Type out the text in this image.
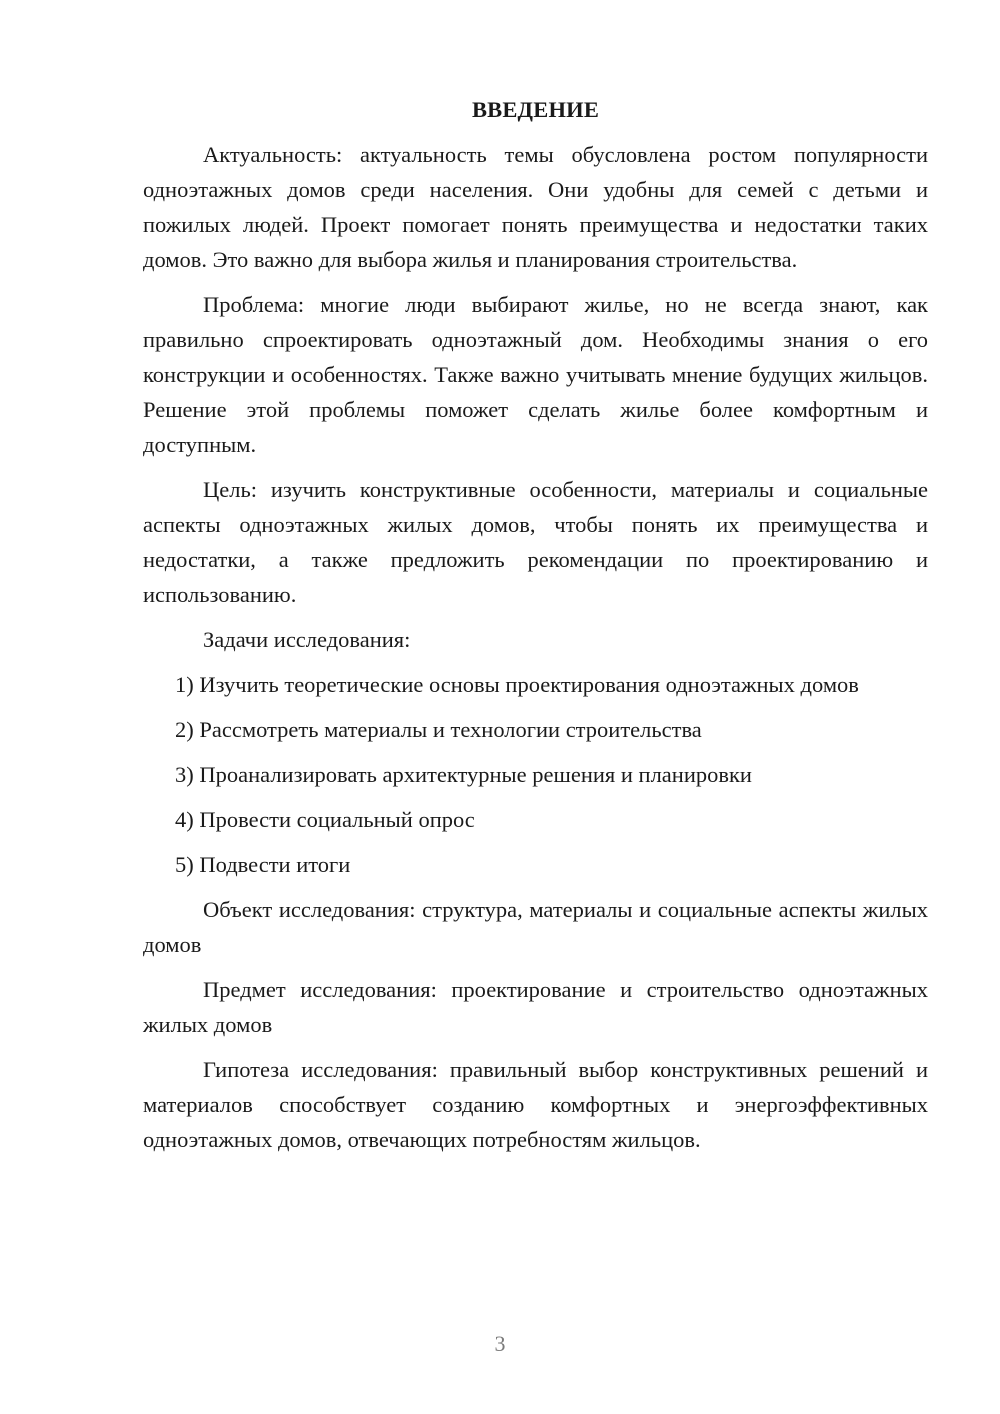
ВВЕДЕНИЕ

Актуальность: актуальность темы обусловлена ростом популярности одноэтажных домов среди населения. Они удобны для семей с детьми и пожилых людей. Проект помогает понять преимущества и недостатки таких домов. Это важно для выбора жилья и планирования строительства.

Проблема: многие люди выбирают жилье, но не всегда знают, как правильно спроектировать одноэтажный дом. Необходимы знания о его конструкции и особенностях. Также важно учитывать мнение будущих жильцов. Решение этой проблемы поможет сделать жилье более комфортным и доступным.

Цель: изучить конструктивные особенности, материалы и социальные аспекты одноэтажных жилых домов, чтобы понять их преимущества и недостатки, а также предложить рекомендации по проектированию и использованию.

Задачи исследования:

1) Изучить теоретические основы проектирования одноэтажных домов

2) Рассмотреть материалы и технологии строительства

3) Проанализировать архитектурные решения и планировки

4) Провести социальный опрос

5) Подвести итоги

Объект исследования: структура, материалы и социальные аспекты жилых домов

Предмет исследования: проектирование и строительство одноэтажных жилых домов

Гипотеза исследования: правильный выбор конструктивных решений и материалов способствует созданию комфортных и энергоэффективных одноэтажных домов, отвечающих потребностям жильцов.

3
